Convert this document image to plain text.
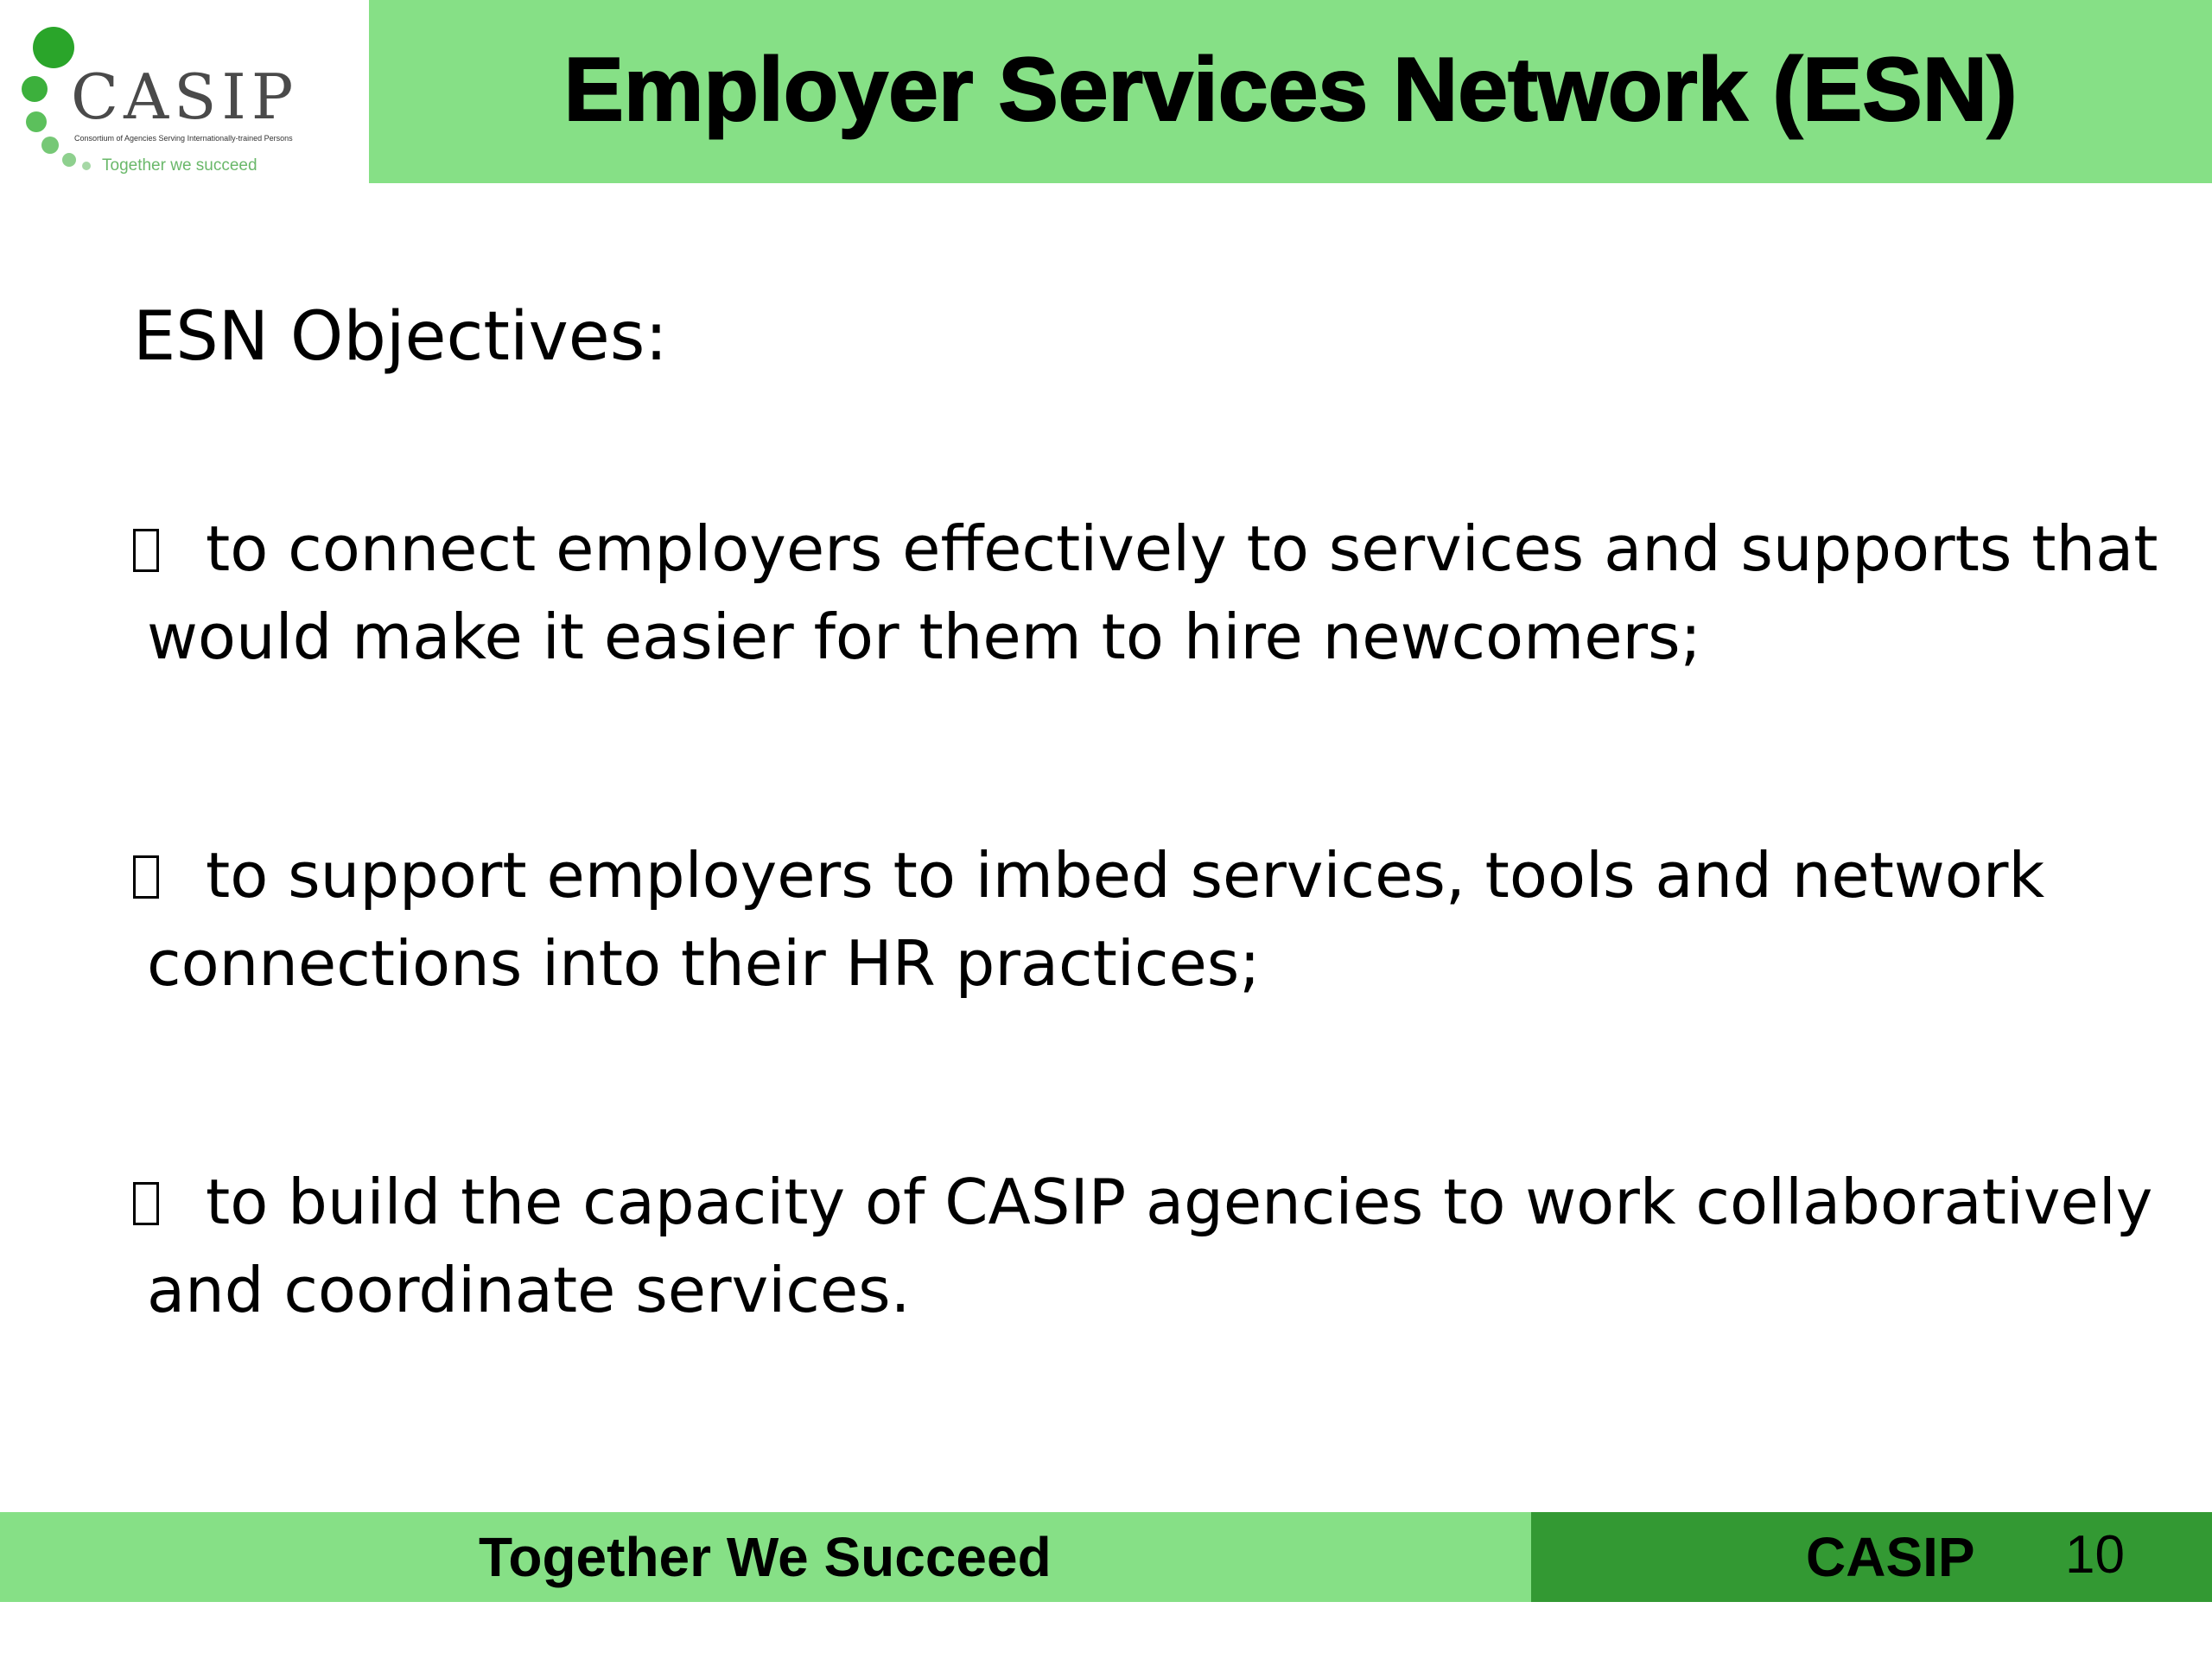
CASIP
Consortium of Agencies Serving Internationally-trained Persons
Together we succeed
Employer Services Network (ESN)
ESN Objectives:
to connect employers effectively to services and supports that
would make it easier for them to hire newcomers;
to support employers to imbed services, tools and network
connections into their HR practices;
to build the capacity of CASIP agencies to work collaboratively
and coordinate services.
Together We Succeed	CASIP 10
